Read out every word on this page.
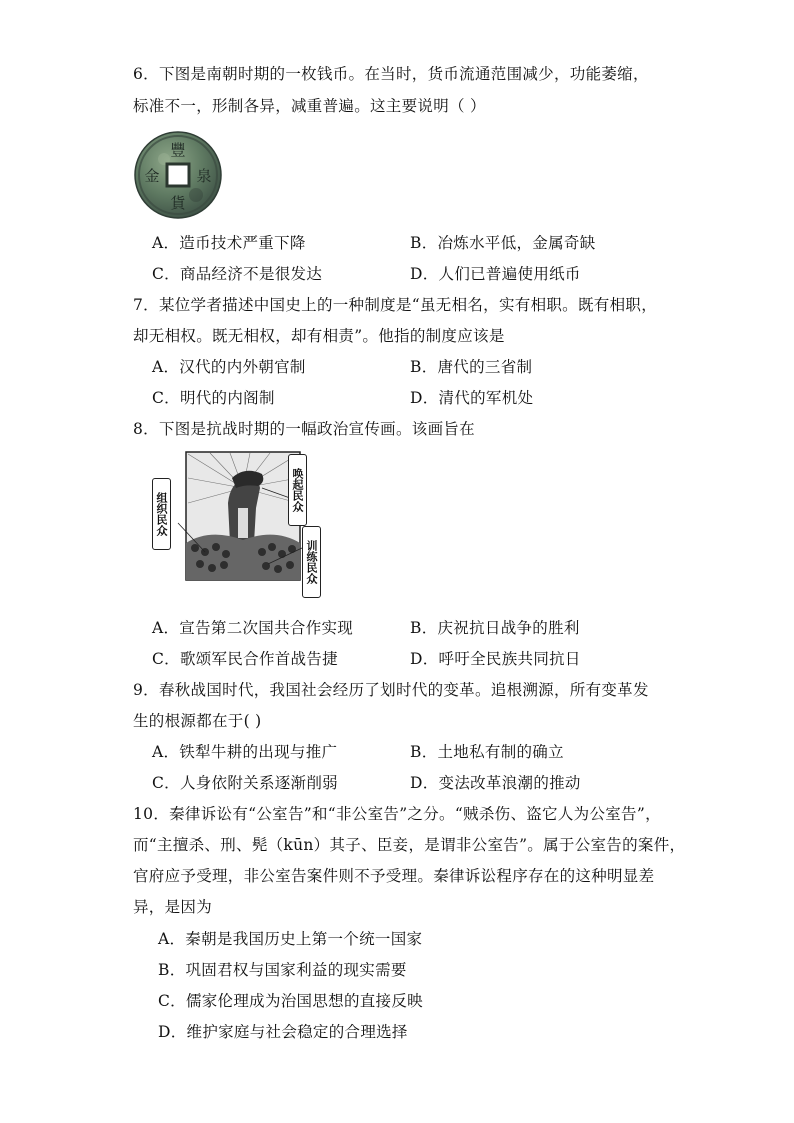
6．下图是南朝时期的一枚钱币。在当时，货币流通范围减少，功能萎缩，
标准不一，形制各异，减重普遍。这主要说明（ ）
豐
貨
泉
金
A．造币技术严重下降	B．冶炼水平低，金属奇缺
C．商品经济不是很发达	D．人们已普遍使用纸币
7．某位学者描述中国史上的一种制度是“虽无相名，实有相职。既有相职，
却无相权。既无相权，却有相责”。他指的制度应该是
A．汉代的内外朝官制	B．唐代的三省制
C．明代的内阁制	D．清代的军机处
8．下图是抗战时期的一幅政治宣传画。该画旨在
组织民众
唤起民众
训练民众
A．宣告第二次国共合作实现	B．庆祝抗日战争的胜利
C．歌颂军民合作首战告捷	D．呼吁全民族共同抗日
9．春秋战国时代，我国社会经历了划时代的变革。追根溯源，所有变革发
生的根源都在于( )
A．铁犁牛耕的出现与推广	B．土地私有制的确立
C．人身依附关系逐渐削弱	D．变法改革浪潮的推动
10．秦律诉讼有“公室告”和“非公室告”之分。“贼杀伤、盗它人为公室告”，
而“主擅杀、刑、髡（kūn）其子、臣妾，是谓非公室告”。属于公室告的案件，
官府应予受理，非公室告案件则不予受理。秦律诉讼程序存在的这种明显差
异，是因为
A．秦朝是我国历史上第一个统一国家
B．巩固君权与国家利益的现实需要
C．儒家伦理成为治国思想的直接反映
D．维护家庭与社会稳定的合理选择
